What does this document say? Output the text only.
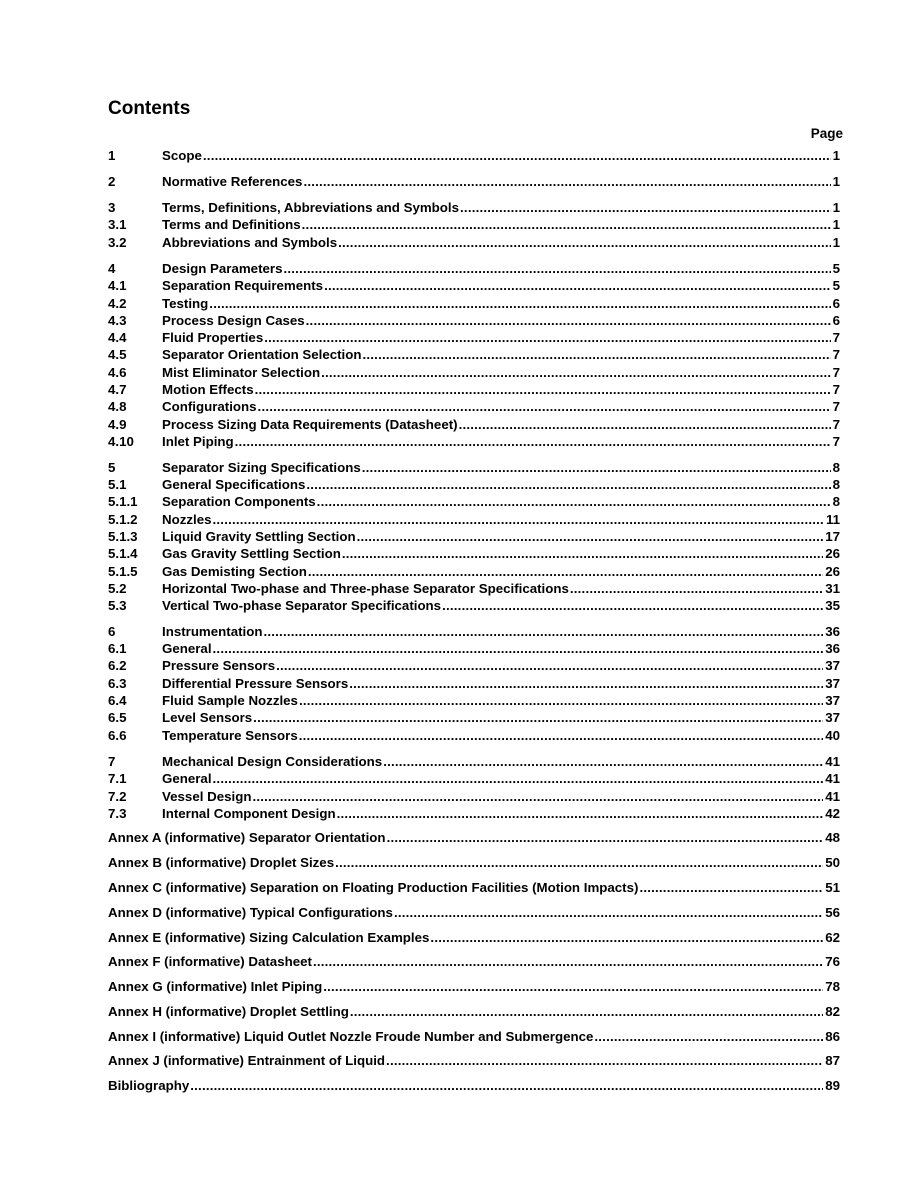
Contents
Page
1	Scope .....	1
2	Normative References .....	1
3	Terms, Definitions, Abbreviations and Symbols .....	1
3.1	Terms and Definitions .....	1
3.2	Abbreviations and Symbols .....	1
4	Design Parameters .....	5
4.1	Separation Requirements .....	5
4.2	Testing .....	6
4.3	Process Design Cases .....	6
4.4	Fluid Properties .....	7
4.5	Separator Orientation Selection .....	7
4.6	Mist Eliminator Selection .....	7
4.7	Motion Effects .....	7
4.8	Configurations .....	7
4.9	Process Sizing Data Requirements (Datasheet) .....	7
4.10	Inlet Piping .....	7
5	Separator Sizing Specifications .....	8
5.1	General Specifications .....	8
5.1.1	Separation Components .....	8
5.1.2	Nozzles .....	11
5.1.3	Liquid Gravity Settling Section .....	17
5.1.4	Gas Gravity Settling Section .....	26
5.1.5	Gas Demisting Section .....	26
5.2	Horizontal Two-phase and Three-phase Separator Specifications .....	31
5.3	Vertical Two-phase Separator Specifications .....	35
6	Instrumentation .....	36
6.1	General .....	36
6.2	Pressure Sensors .....	37
6.3	Differential Pressure Sensors .....	37
6.4	Fluid Sample Nozzles .....	37
6.5	Level Sensors .....	37
6.6	Temperature Sensors .....	40
7	Mechanical Design Considerations .....	41
7.1	General .....	41
7.2	Vessel Design .....	41
7.3	Internal Component Design .....	42
Annex A (informative) Separator Orientation .....	48
Annex B (informative) Droplet Sizes .....	50
Annex C (informative) Separation on Floating Production Facilities (Motion Impacts) .....	51
Annex D (informative) Typical Configurations .....	56
Annex E (informative) Sizing Calculation Examples .....	62
Annex F (informative) Datasheet .....	76
Annex G (informative) Inlet Piping .....	78
Annex H (informative) Droplet Settling .....	82
Annex I (informative) Liquid Outlet Nozzle Froude Number and Submergence .....	86
Annex J (informative) Entrainment of Liquid .....	87
Bibliography .....	89
